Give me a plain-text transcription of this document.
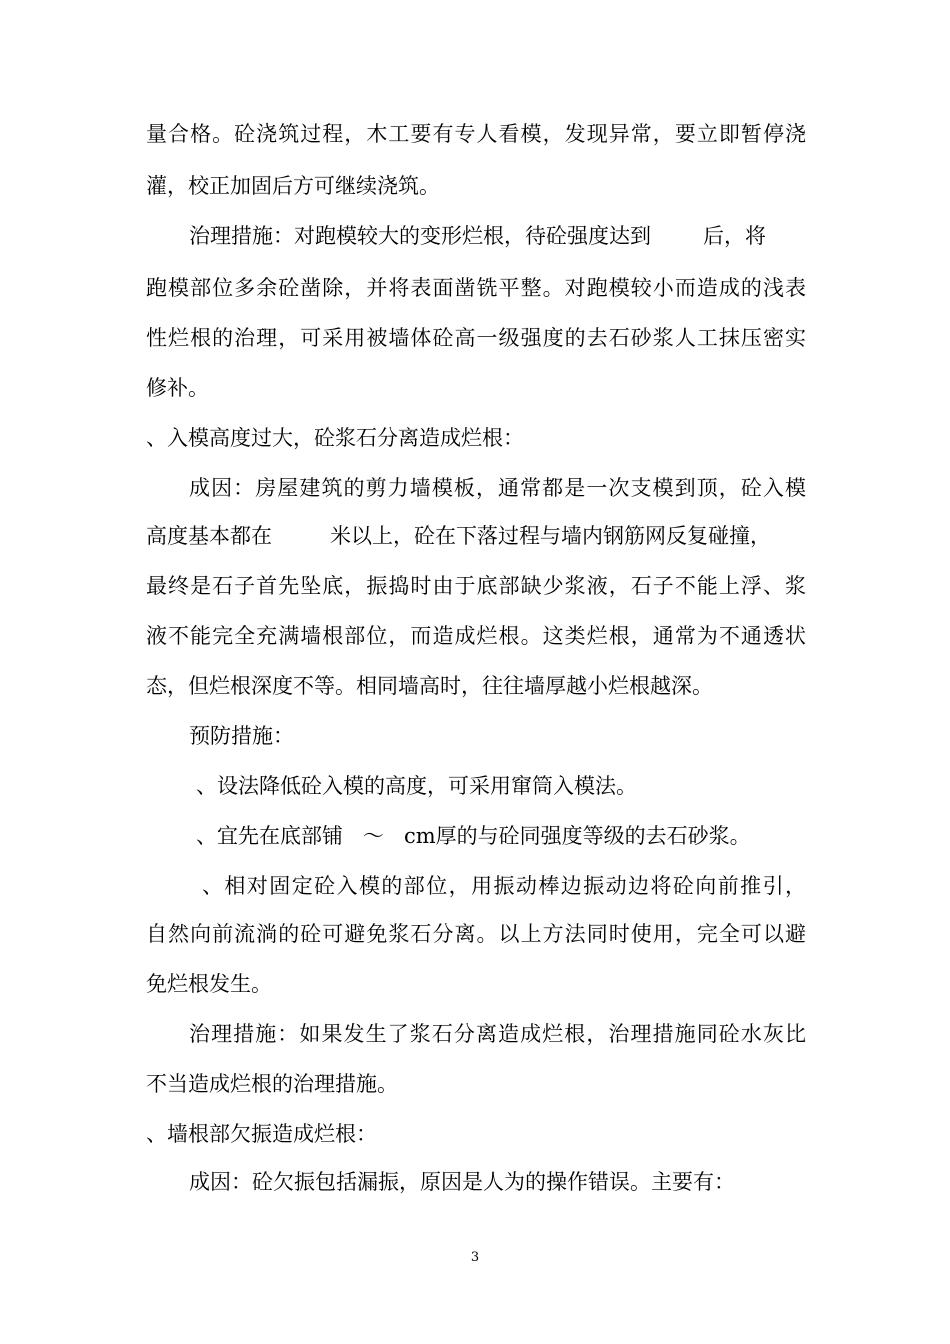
量合格。砼浇筑过程，木工要有专人看模，发现异常，要立即暂停浇

灌，校正加固后方可继续浇筑。

治理措施：对跑模较大的变形烂根，待砼强度达到 后，将

跑模部位多余砼凿除，并将表面凿铣平整。对跑模较小而造成的浅表

性烂根的治理，可采用被墙体砼高一级强度的去石砂浆人工抹压密实

修补。

、入模高度过大，砼浆石分离造成烂根：

成因：房屋建筑的剪力墙模板，通常都是一次支模到顶，砼入模

高度基本都在	米以上，砼在下落过程与墙内钢筋网反复碰撞，

最终是石子首先坠底，振捣时由于底部缺少浆液，石子不能上浮、浆

液不能完全充满墙根部位，而造成烂根。这类烂根，通常为不通透状

态，但烂根深度不等。相同墙高时，往往墙厚越小烂根越深。

预防措施：

、设法降低砼入模的高度，可采用窜筒入模法。

、宜先在底部铺 ～ cm厚的与砼同强度等级的去石砂浆。

、相对固定砼入模的部位，用振动棒边振动边将砼向前推引，

自然向前流淌的砼可避免浆石分离。以上方法同时使用，完全可以避

免烂根发生。

治理措施：如果发生了浆石分离造成烂根，治理措施同砼水灰比

不当造成烂根的治理措施。

、墙根部欠振造成烂根：

成因：砼欠振包括漏振，原因是人为的操作错误。主要有：

3
